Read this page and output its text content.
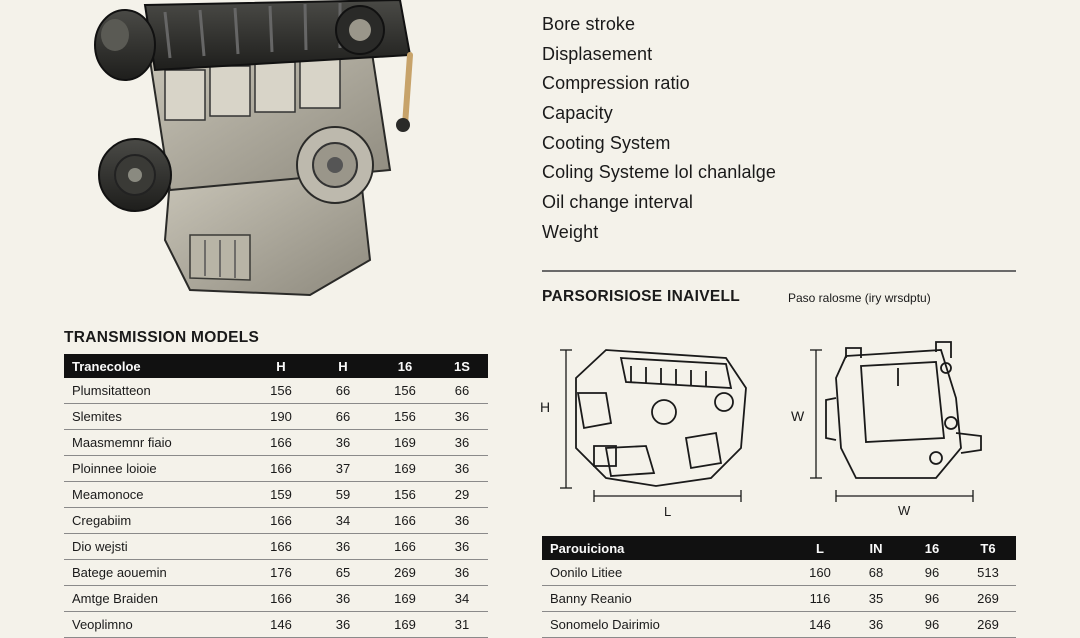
Bore stroke
Displasement
Compression ratio
Capacity
Cooting System
Coling Systeme lol chanlalge
Oil change interval
Weight
PARSORISIOSE INAIVELL	Paso ralosme (iry wrsdptu)
TRANSMISSION MODELS
H
L
W
W
Tranecoloe	H	H	16	1S
Plumsitatteon	156	66	156	66
Slemites	190	66	156	36
Maasmemnr fiaio	166	36	169	36
Ploinnee loioie	166	37	169	36
Meamonoce	159	59	156	29
Cregabiim	166	34	166	36
Dio wejsti	166	36	166	36
Batege aouemin	176	65	269	36
Amtge Braiden	166	36	169	34
Veoplimno	146	36	169	31
Parouiciona	L	IN	16	T6
Oonilo Litiee	160	68	96	513
Banny Reanio	116	35	96	269
Sonomelo Dairimio	146	36	96	269
